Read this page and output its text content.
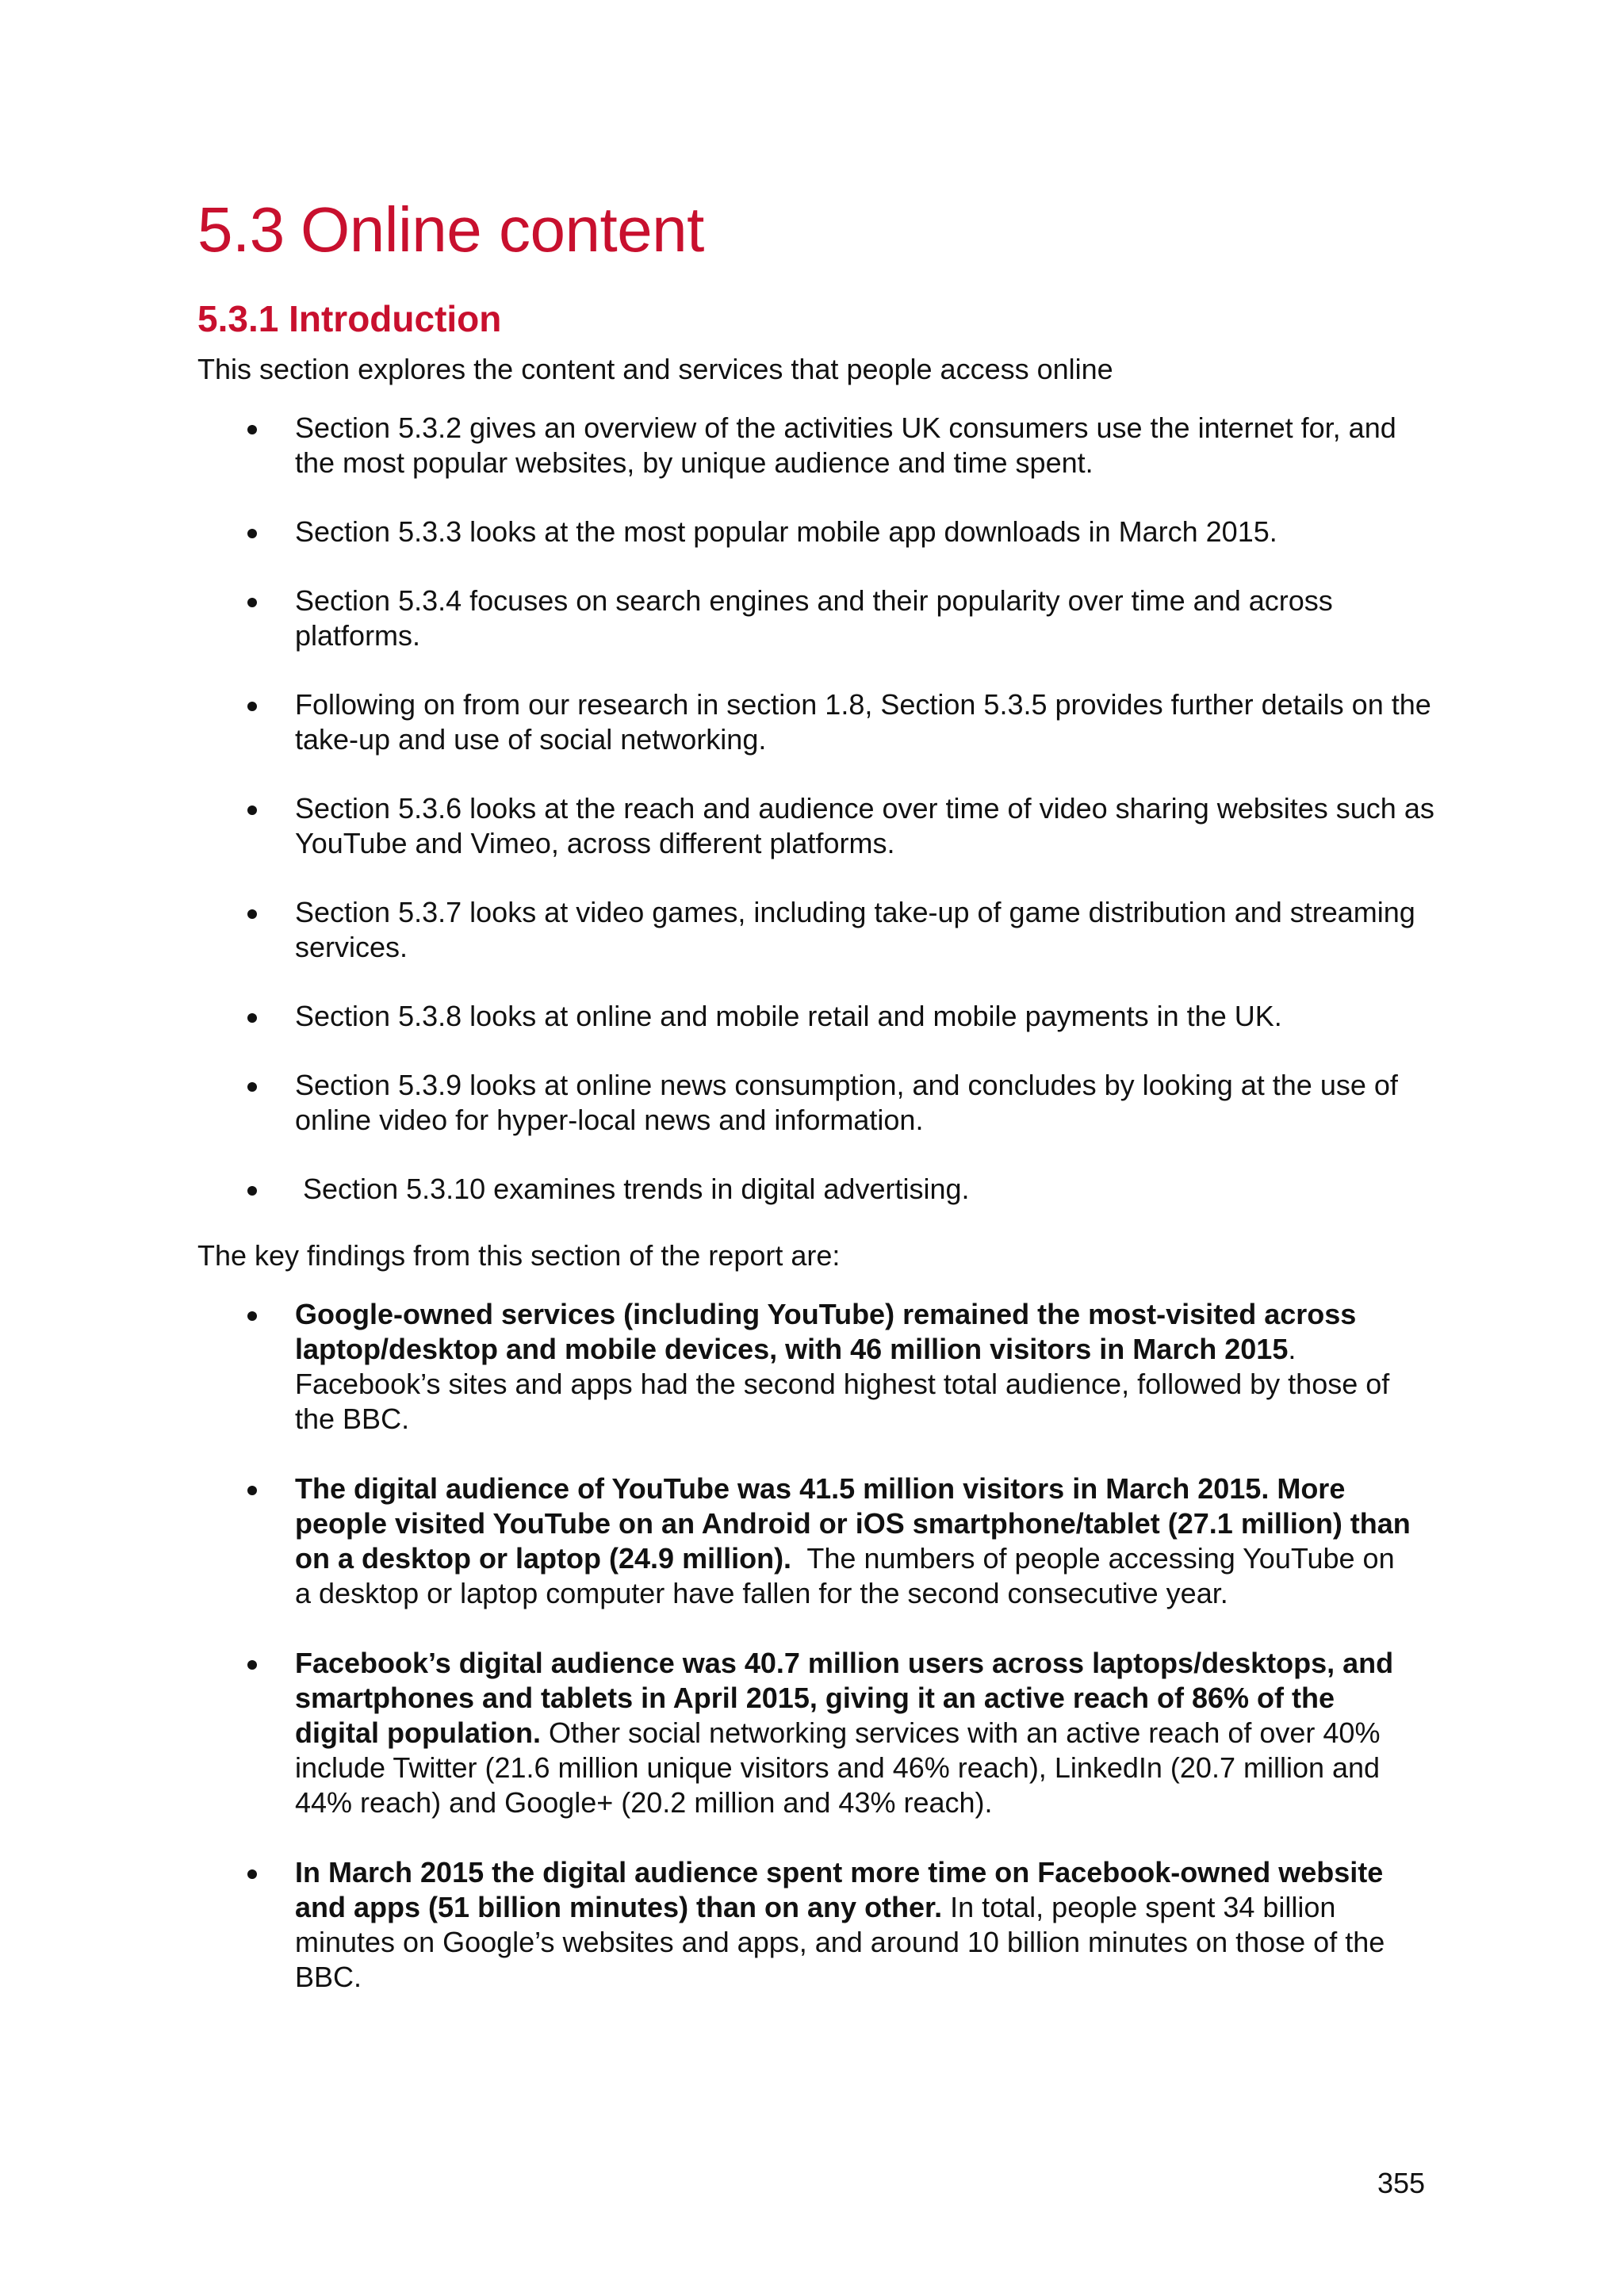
5.3 Online content
5.3.1 Introduction

This section explores the content and services that people access online

Section 5.3.2 gives an overview of the activities UK consumers use the internet for, and the most popular websites, by unique audience and time spent.
Section 5.3.3 looks at the most popular mobile app downloads in March 2015.
Section 5.3.4 focuses on search engines and their popularity over time and across platforms.
Following on from our research in section 1.8, Section 5.3.5 provides further details on the take-up and use of social networking.
Section 5.3.6 looks at the reach and audience over time of video sharing websites such as YouTube and Vimeo, across different platforms.
Section 5.3.7 looks at video games, including take-up of game distribution and streaming services.
Section 5.3.8 looks at online and mobile retail and mobile payments in the UK.
Section 5.3.9 looks at online news consumption, and concludes by looking at the use of online video for hyper-local news and information.
Section 5.3.10 examines trends in digital advertising.

The key findings from this section of the report are:

Google-owned services (including YouTube) remained the most-visited across laptop/desktop and mobile devices, with 46 million visitors in March 2015. Facebook’s sites and apps had the second highest total audience, followed by those of the BBC.
The digital audience of YouTube was 41.5 million visitors in March 2015. More people visited YouTube on an Android or iOS smartphone/tablet (27.1 million) than on a desktop or laptop (24.9 million).  The numbers of people accessing YouTube on a desktop or laptop computer have fallen for the second consecutive year.
Facebook’s digital audience was 40.7 million users across laptops/desktops, and smartphones and tablets in April 2015, giving it an active reach of 86% of the digital population. Other social networking services with an active reach of over 40% include Twitter (21.6 million unique visitors and 46% reach), LinkedIn (20.7 million and 44% reach) and Google+ (20.2 million and 43% reach).
In March 2015 the digital audience spent more time on Facebook-owned website and apps (51 billion minutes) than on any other. In total, people spent 34 billion minutes on Google’s websites and apps, and around 10 billion minutes on those of the BBC.
355
